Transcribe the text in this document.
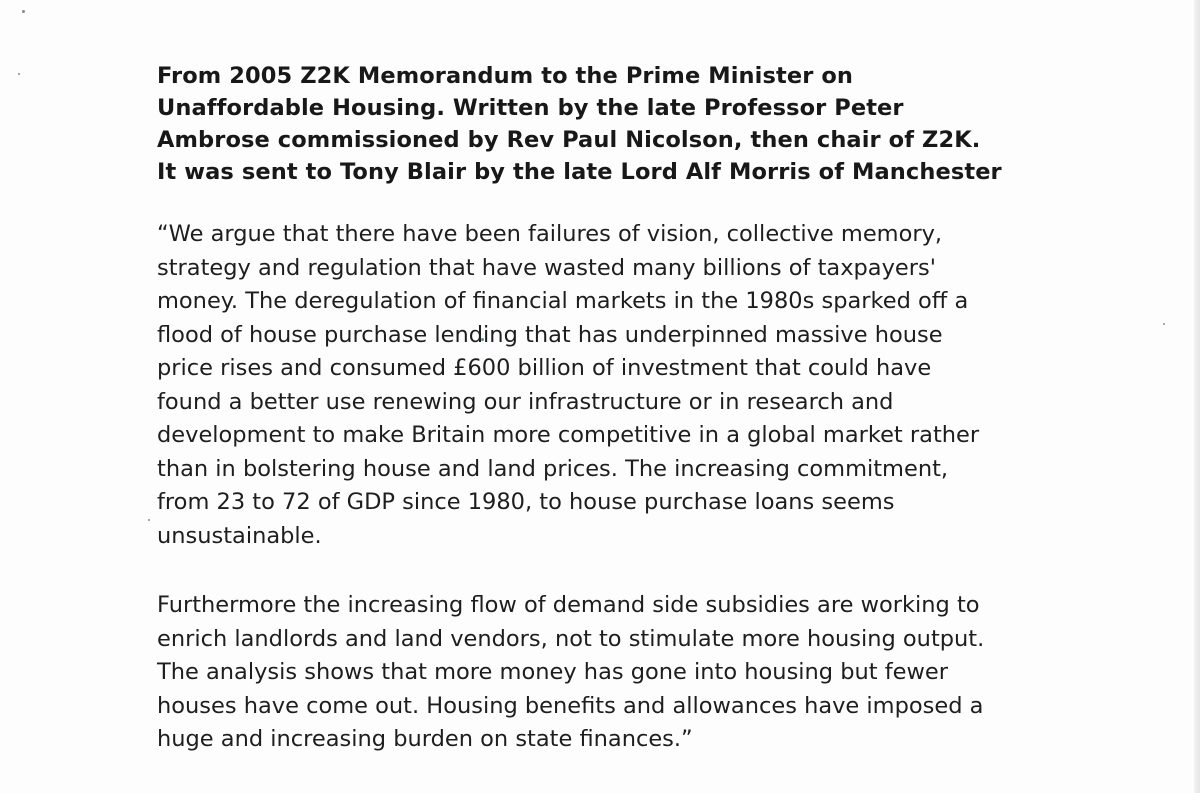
From 2005 Z2K Memorandum to the Prime Minister on
Unaffordable Housing. Written by the late Professor Peter
Ambrose commissioned by Rev Paul Nicolson, then chair of Z2K.
It was sent to Tony Blair by the late Lord Alf Morris of Manchester

“We argue that there have been failures of vision, collective memory,
strategy and regulation that have wasted many billions of taxpayers'
money. The deregulation of financial markets in the 1980s sparked off a
flood of house purchase lending that has underpinned massive house
price rises and consumed £600 billion of investment that could have
found a better use renewing our infrastructure or in research and
development to make Britain more competitive in a global market rather
than in bolstering house and land prices. The increasing commitment,
from 23 to 72 of GDP since 1980, to house purchase loans seems
unsustainable.

Furthermore the increasing flow of demand side subsidies are working to
enrich landlords and land vendors, not to stimulate more housing output.
The analysis shows that more money has gone into housing but fewer
houses have come out. Housing benefits and allowances have imposed a
huge and increasing burden on state finances.”
